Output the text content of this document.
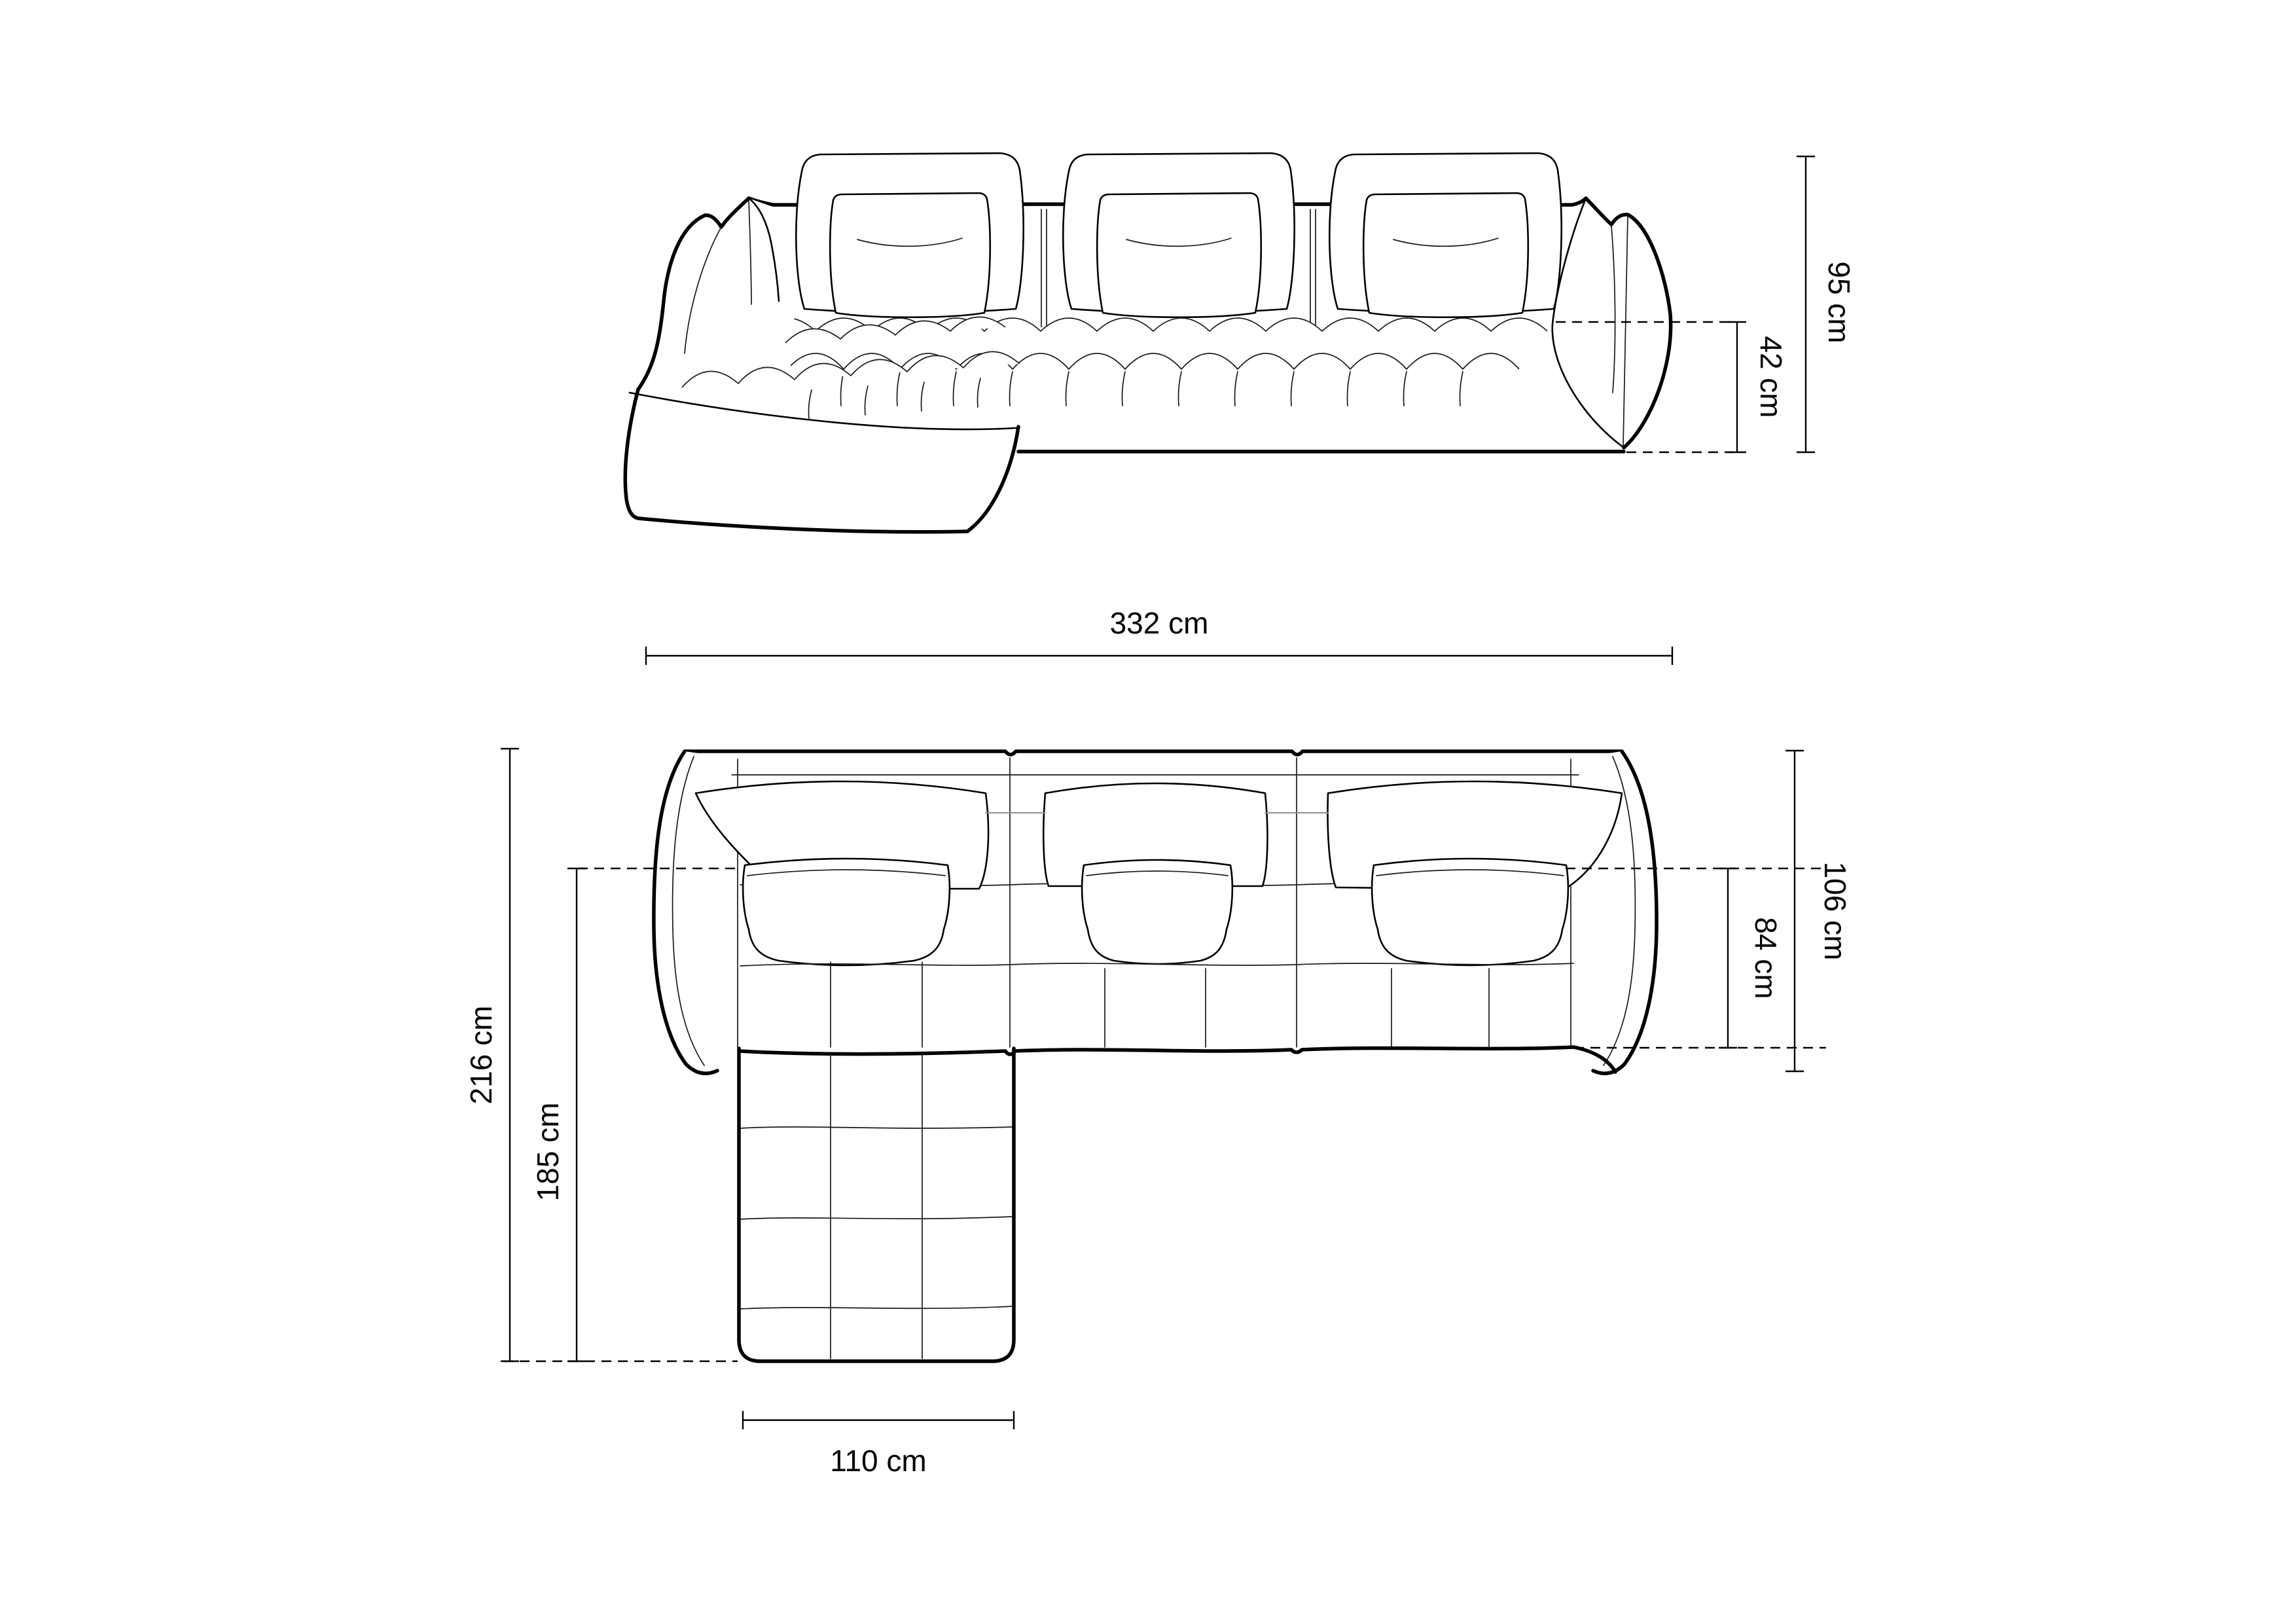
42 cm
95 cm
332 cm
216 cm
185 cm
84 cm 106 cm
110 cm
